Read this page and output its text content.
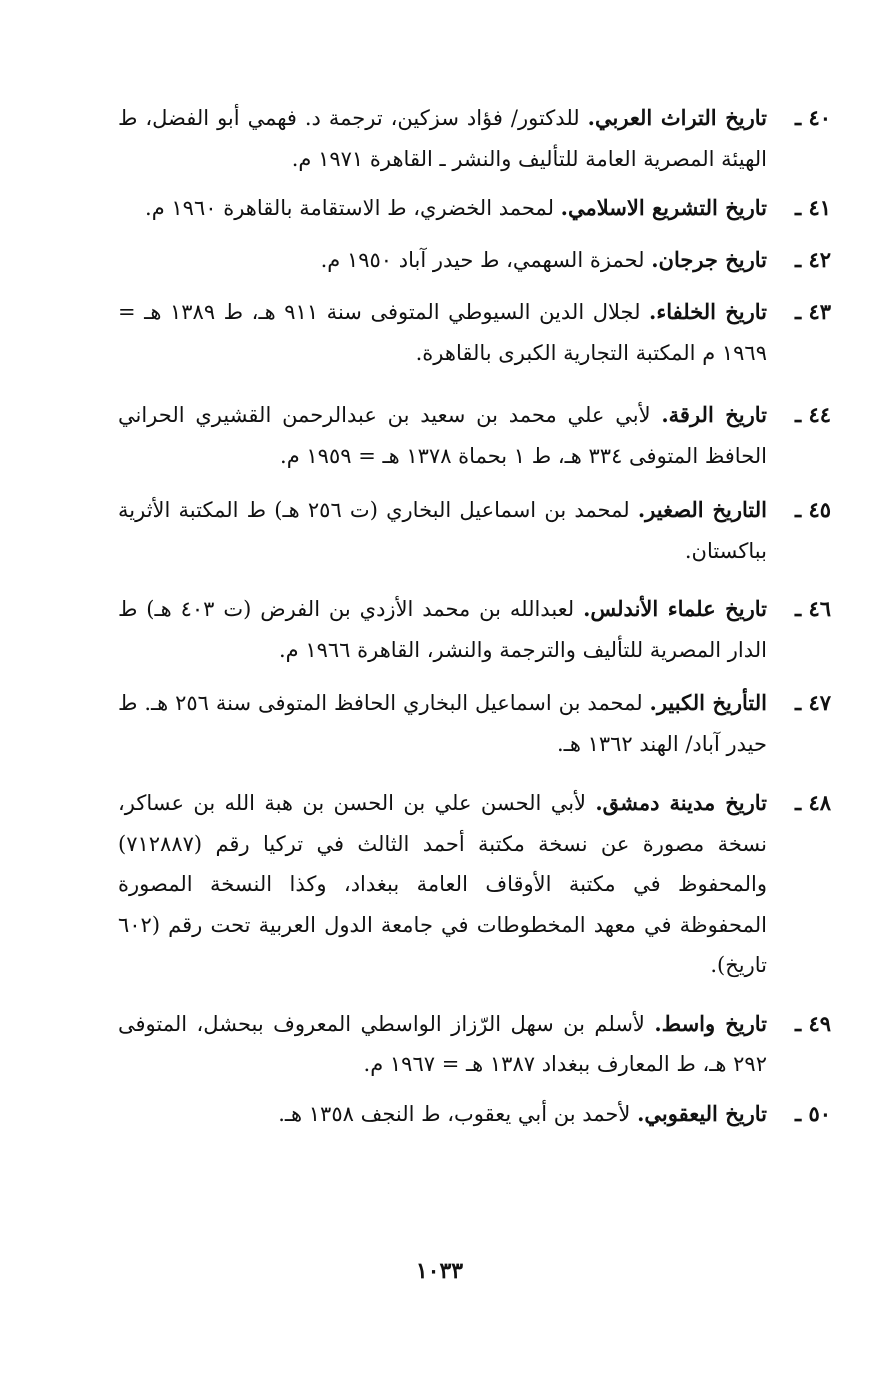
٤٠ ـ
تاريخ التراث العربي. للدكتور/ فؤاد سزكين، ترجمة د. فهمي أبو الفضل، ط الهيئة المصرية العامة للتأليف والنشر ـ القاهرة ١٩٧١ م.
٤١ ـ
تاريخ التشريع الاسلامي. لمحمد الخضري، ط الاستقامة بالقاهرة ١٩٦٠ م.
٤٢ ـ
تاريخ جرجان. لحمزة السهمي، ط حيدر آباد ١٩٥٠ م.
٤٣ ـ
تاريخ الخلفاء. لجلال الدين السيوطي المتوفى سنة ٩١١ هـ، ط ١٣٨٩ هـ = ١٩٦٩ م المكتبة التجارية الكبرى بالقاهرة.
٤٤ ـ
تاريخ الرقة. لأبي علي محمد بن سعيد بن عبدالرحمن القشيري الحراني الحافظ المتوفى ٣٣٤ هـ، ط ١ بحماة ١٣٧٨ هـ = ١٩٥٩ م.
٤٥ ـ
التاريخ الصغير. لمحمد بن اسماعيل البخاري (ت ٢٥٦ هـ) ط المكتبة الأثرية بباكستان.
٤٦ ـ
تاريخ علماء الأندلس. لعبدالله بن محمد الأزدي بن الفرض (ت ٤٠٣ هـ) ط الدار المصرية للتأليف والترجمة والنشر، القاهرة ١٩٦٦ م.
٤٧ ـ
التأريخ الكبير. لمحمد بن اسماعيل البخاري الحافظ المتوفى سنة ٢٥٦ هـ. ط حيدر آباد/ الهند ١٣٦٢ هـ.
٤٨ ـ
تاريخ مدينة دمشق. لأبي الحسن علي بن الحسن بن هبة الله بن عساكر، نسخة مصورة عن نسخة مكتبة أحمد الثالث في تركيا رقم (٧١٢٨٨٧) والمحفوظ في مكتبة الأوقاف العامة ببغداد، وكذا النسخة المصورة المحفوظة في معهد المخطوطات في جامعة الدول العربية تحت رقم (٦٠٢ تاريخ).
٤٩ ـ
تاريخ واسط. لأسلم بن سهل الرّزاز الواسطي المعروف ببحشل، المتوفى ٢٩٢ هـ، ط المعارف ببغداد ١٣٨٧ هـ = ١٩٦٧ م.
٥٠ ـ
تاريخ اليعقوبي. لأحمد بن أبي يعقوب، ط النجف ١٣٥٨ هـ.
١٠٣٣
